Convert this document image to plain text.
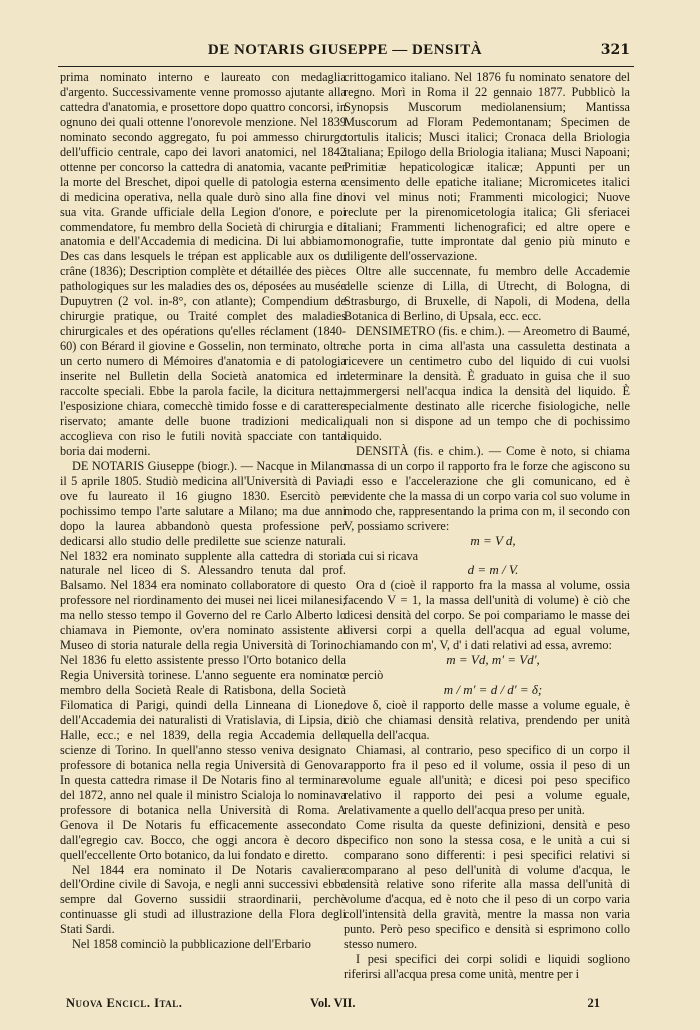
DE NOTARIS GIUSEPPE — DENSITÀ	321

prima nominato interno e laureato con medaglia d'argento. Successivamente venne promosso ajutante alla cattedra d'anatomia, e prosettore dopo quattro concorsi, in ognuno dei quali ottenne l'onorevole menzione. Nel 1839 nominato secondo aggregato, fu poi ammesso chirurgo dell'ufficio centrale, capo dei lavori anatomici, nel 1842 ottenne per concorso la cattedra di anatomia, vacante per la morte del Breschet, dipoi quelle di patologia esterna e di medicina operativa, nella quale durò sino alla fine di sua vita. Grande ufficiale della Legion d'onore, e poi commendatore, fu membro della Società di chirurgia e di anatomia e dell'Accademia di medicina. Di lui abbiamo: Des cas dans lesquels le trépan est applicable aux os du crâne (1836); Description complète et détaillée des pièces pathologiques sur les maladies des os, déposées au musée Dupuytren (2 vol. in-8°, con atlante); Compendium de chirurgie pratique, ou Traité complet des maladies chirurgicales et des opérations qu'elles réclament (1840-60) con Bérard il giovine e Gosselin, non terminato, oltre un certo numero di Mémoires d'anatomia e di patologia inserite nel Bulletin della Società anatomica ed in raccolte speciali. Ebbe la parola facile, la dicitura netta, l'esposizione chiara, comecchè timido fosse e di carattere riservato; amante delle buone tradizioni medicali, accoglieva con riso le futili novità spacciate con tanta boria dai moderni.

DE NOTARIS Giuseppe (biogr.). — Nacque in Milano il 5 aprile 1805. Studiò medicina all'Università di Pavia, ove fu laureato il 16 giugno 1830. Esercitò per pochissimo tempo l'arte salutare a Milano; ma due anni dopo la laurea abbandonò questa professione per dedicarsi allo studio delle predilette sue scienze naturali. Nel 1832 era nominato supplente alla cattedra di storia naturale nel liceo di S. Alessandro tenuta dal prof. Balsamo. Nel 1834 era nominato collaboratore di questo professore nel riordinamento dei musei nei licei milanesi; ma nello stesso tempo il Governo del re Carlo Alberto lo chiamava in Piemonte, ov'era nominato assistente al Museo di storia naturale della regia Università di Torino. Nel 1836 fu eletto assistente presso l'Orto botanico della Regia Università torinese. L'anno seguente era nominato membro della Società Reale di Ratisbona, della Società Filomatica di Parigi, quindi della Linneana di Lione, dell'Accademia dei naturalisti di Vratislavia, di Lipsia, di Halle, ecc.; e nel 1839, della regia Accademia delle scienze di Torino. In quell'anno stesso veniva designato professore di botanica nella regia Università di Genova. In questa cattedra rimase il De Notaris fino al terminare del 1872, anno nel quale il ministro Scialoja lo nominava professore di botanica nella Università di Roma. A Genova il De Notaris fu efficacemente assecondato dall'egregio cav. Bocco, che oggi ancora è decoro di quell'eccellente Orto botanico, da lui fondato e diretto.

Nel 1844 era nominato il De Notaris cavaliere dell'Ordine civile di Savoja, e negli anni successivi ebbe sempre dal Governo sussidii straordinarii, perchè continuasse gli studi ad illustrazione della Flora degli Stati Sardi.

Nel 1858 cominciò la pubblicazione dell'Erbario

crittogamico italiano. Nel 1876 fu nominato senatore del regno. Morì in Roma il 22 gennaio 1877. Pubblicò la Synopsis Muscorum mediolanensium; Mantissa Muscorum ad Floram Pedemontanam; Specimen de tortulis italicis; Musci italici; Cronaca della Briologia italiana; Epilogo della Briologia italiana; Musci Napoani; Primitiæ hepaticologicæ italicæ; Appunti per un censimento delle epatiche italiane; Micromicetes italici novi vel minus noti; Frammenti micologici; Nuove reclute per la pirenomicetologia italica; Gli sferiacei italiani; Frammenti lichenografici; ed altre opere e monografie, tutte improntate dal genio più minuto e diligente dell'osservazione.

Oltre alle succennate, fu membro delle Accademie delle scienze di Lilla, di Utrecht, di Bologna, di Strasburgo, di Bruxelle, di Napoli, di Modena, della Botanica di Berlino, di Upsala, ecc. ecc.

DENSIMETRO (fis. e chim.). — Areometro di Baumé, che porta in cima all'asta una cassuletta destinata a ricevere un centimetro cubo del liquido di cui vuolsi determinare la densità. È graduato in guisa che il suo immergersi nell'acqua indica la densità del liquido. È specialmente destinato alle ricerche fisiologiche, nelle quali non si dispone ad un tempo che di pochissimo liquido.

DENSITÀ (fis. e chim.). — Come è noto, si chiama massa di un corpo il rapporto fra le forze che agiscono su di esso e l'accelerazione che gli comunicano, ed è evidente che la massa di un corpo varia col suo volume in modo che, rappresentando la prima con m, il secondo con V, possiamo scrivere:

m = V d,

da cui si ricava

d = m / V.

Ora d (cioè il rapporto fra la massa al volume, ossia facendo V = 1, la massa dell'unità di volume) è ciò che dicesi densità del corpo. Se poi compariamo le masse dei diversi corpi a quella dell'acqua ad egual volume, chiamando con m', V, d' i dati relativi ad essa, avremo:

m = Vd, m' = Vd',

e perciò

m / m' = d / d' = δ;

dove δ, cioè il rapporto delle masse a volume eguale, è ciò che chiamasi densità relativa, prendendo per unità quella dell'acqua.

Chiamasi, al contrario, peso specifico di un corpo il rapporto fra il peso ed il volume, ossia il peso di un volume eguale all'unità; e dicesi poi peso specifico relativo il rapporto dei pesi a volume eguale, relativamente a quello dell'acqua preso per unità.

Come risulta da queste definizioni, densità e peso specifico non sono la stessa cosa, e le unità a cui si comparano sono differenti: i pesi specifici relativi si comparano al peso dell'unità di volume d'acqua, le densità relative sono riferite alla massa dell'unità di volume d'acqua, ed è noto che il peso di un corpo varia coll'intensità della gravità, mentre la massa non varia punto. Però peso specifico e densità si esprimono collo stesso numero.

I pesi specifici dei corpi solidi e liquidi sogliono riferirsi all'acqua presa come unità, mentre per i

Nuova Encicl. Ital.	Vol. VII.	21
